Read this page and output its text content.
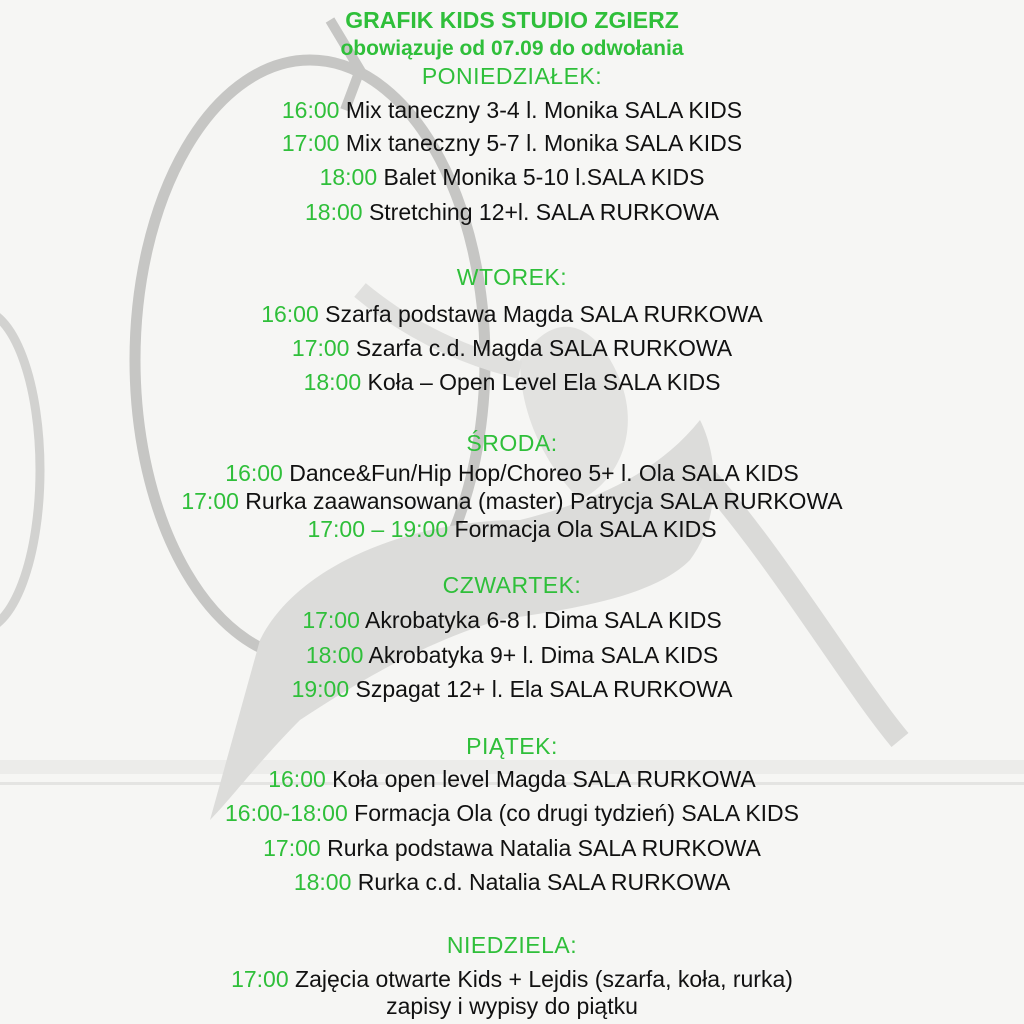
GRAFIK KIDS STUDIO ZGIERZ
obowiązuje od 07.09 do odwołania
PONIEDZIAŁEK:
16:00 Mix taneczny 3-4 l. Monika SALA KIDS
17:00 Mix taneczny 5-7 l. Monika SALA KIDS
18:00 Balet Monika 5-10 l.SALA KIDS
18:00 Stretching 12+l. SALA RURKOWA
WTOREK:
16:00 Szarfa podstawa Magda SALA RURKOWA
17:00 Szarfa c.d. Magda SALA RURKOWA
18:00 Koła – Open Level Ela SALA KIDS
ŚRODA:
16:00 Dance&Fun/Hip Hop/Choreo 5+ l. Ola SALA KIDS
17:00 Rurka zaawansowana (master) Patrycja SALA RURKOWA
17:00 – 19:00 Formacja Ola SALA KIDS
CZWARTEK:
17:00 Akrobatyka 6-8 l. Dima SALA KIDS
18:00 Akrobatyka 9+ l. Dima SALA KIDS
19:00 Szpagat 12+ l. Ela SALA RURKOWA
PIĄTEK:
16:00 Koła open level Magda SALA RURKOWA
16:00-18:00 Formacja Ola (co drugi tydzień) SALA KIDS
17:00 Rurka podstawa Natalia SALA RURKOWA
18:00 Rurka c.d. Natalia SALA RURKOWA
NIEDZIELA:
17:00 Zajęcia otwarte Kids + Lejdis (szarfa, koła, rurka)
zapisy i wypisy do piątku
